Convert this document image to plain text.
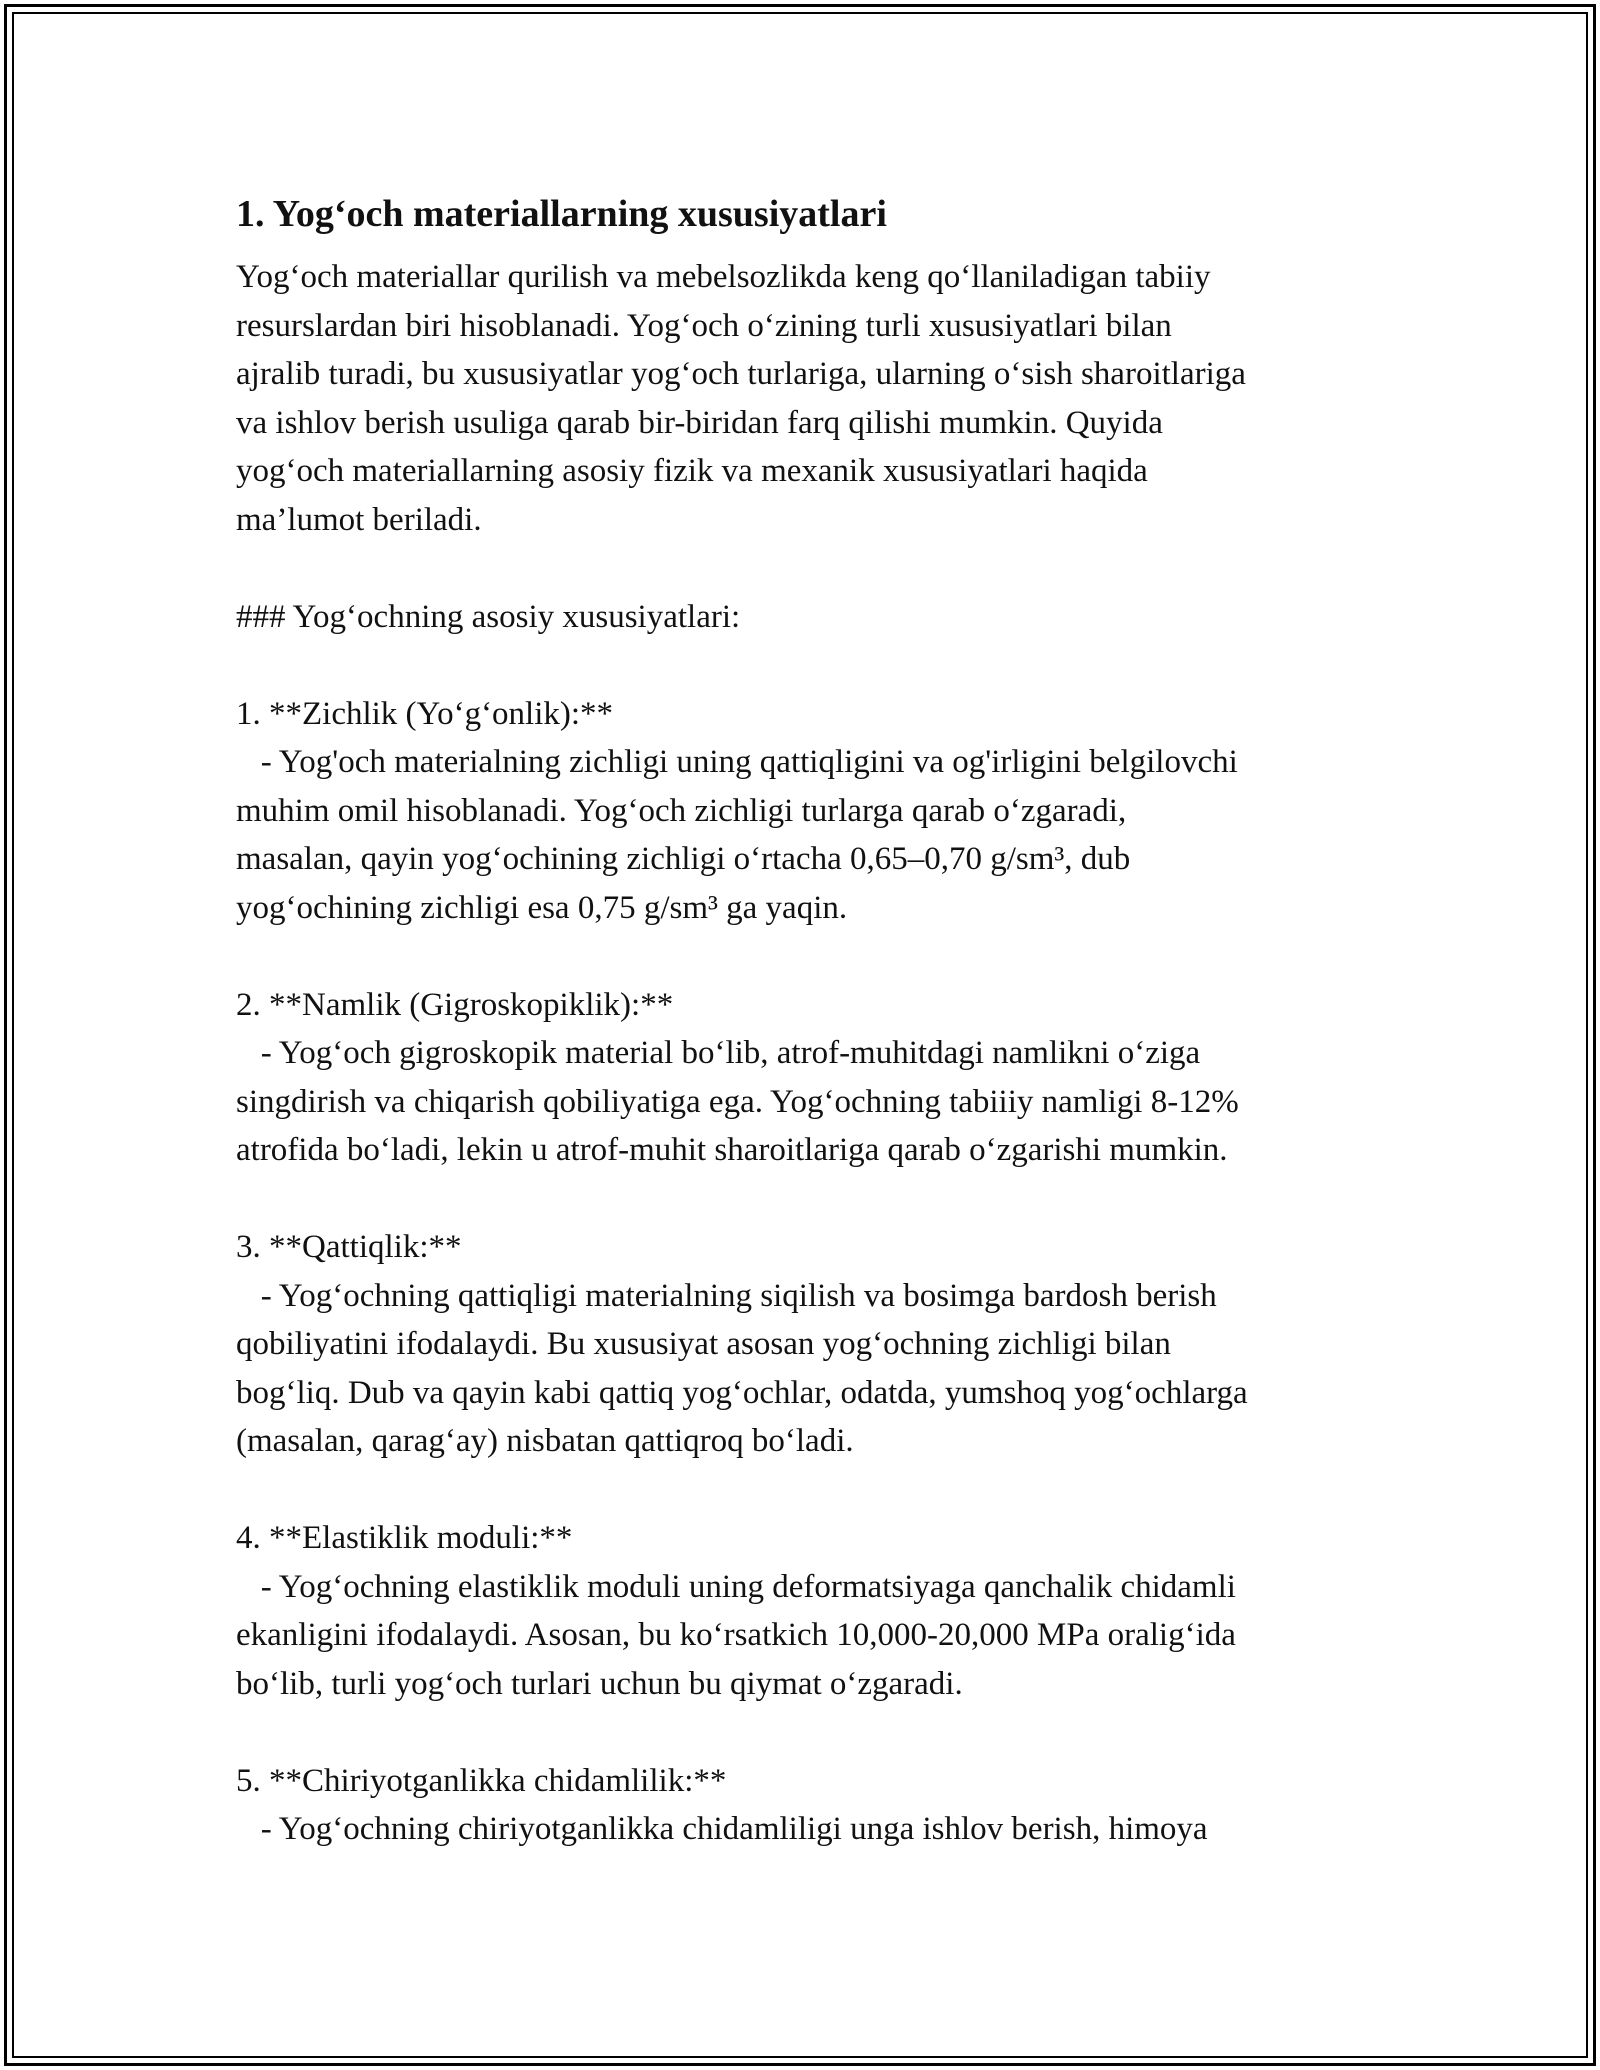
1. Yog‘och materiallarning xususiyatlari

Yog‘och materiallar qurilish va mebelsozlikda keng qo‘llaniladigan tabiiy

resurslardan biri hisoblanadi. Yog‘och o‘zining turli xususiyatlari bilan

ajralib turadi, bu xususiyatlar yog‘och turlariga, ularning o‘sish sharoitlariga

va ishlov berish usuliga qarab bir-biridan farq qilishi mumkin. Quyida

yog‘och materiallarning asosiy fizik va mexanik xususiyatlari haqida

ma’lumot beriladi.

### Yog‘ochning asosiy xususiyatlari:

1. **Zichlik (Yo‘g‘onlik):**

- Yog'och materialning zichligi uning qattiqligini va og'irligini belgilovchi

muhim omil hisoblanadi. Yog‘och zichligi turlarga qarab o‘zgaradi,

masalan, qayin yog‘ochining zichligi o‘rtacha 0,65–0,70 g/sm³, dub

yog‘ochining zichligi esa 0,75 g/sm³ ga yaqin.

2. **Namlik (Gigroskopiklik):**

- Yog‘och gigroskopik material bo‘lib, atrof-muhitdagi namlikni o‘ziga

singdirish va chiqarish qobiliyatiga ega. Yog‘ochning tabiiiy namligi 8-12%

atrofida bo‘ladi, lekin u atrof-muhit sharoitlariga qarab o‘zgarishi mumkin.

3. **Qattiqlik:**

- Yog‘ochning qattiqligi materialning siqilish va bosimga bardosh berish

qobiliyatini ifodalaydi. Bu xususiyat asosan yog‘ochning zichligi bilan

bog‘liq. Dub va qayin kabi qattiq yog‘ochlar, odatda, yumshoq yog‘ochlarga

(masalan, qarag‘ay) nisbatan qattiqroq bo‘ladi.

4. **Elastiklik moduli:**

- Yog‘ochning elastiklik moduli uning deformatsiyaga qanchalik chidamli

ekanligini ifodalaydi. Asosan, bu ko‘rsatkich 10,000-20,000 MPa oralig‘ida

bo‘lib, turli yog‘och turlari uchun bu qiymat o‘zgaradi.

5. **Chiriyotganlikka chidamlilik:**

- Yog‘ochning chiriyotganlikka chidamliligi unga ishlov berish, himoya
